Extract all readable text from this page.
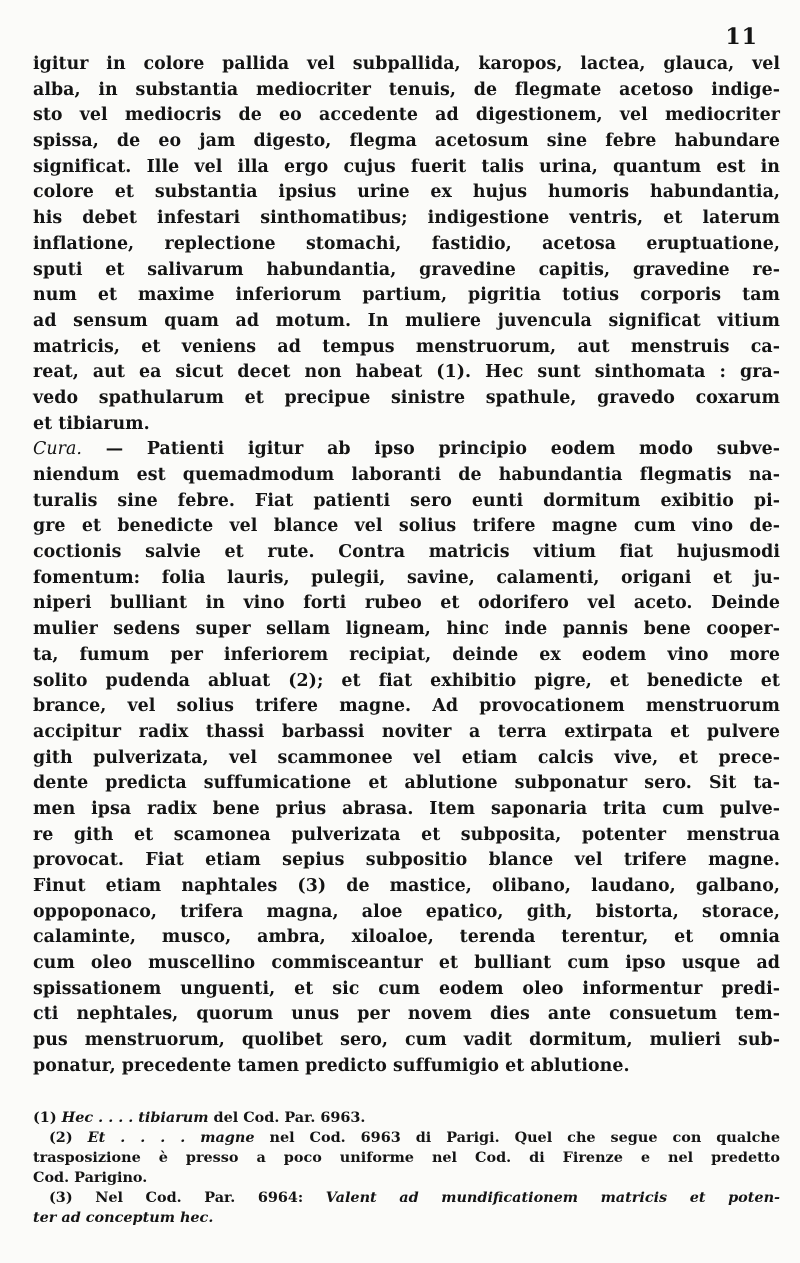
11
igitur in colore pallida vel subpallida, karopos, lactea, glauca, vel
alba, in substantia mediocriter tenuis, de flegmate acetoso indige-
sto vel mediocris de eo accedente ad digestionem, vel mediocriter
spissa, de eo jam digesto, flegma acetosum sine febre habundare
significat. Ille vel illa ergo cujus fuerit talis urina, quantum est in
colore et substantia ipsius urine ex hujus humoris habundantia,
his debet infestari sinthomatibus; indigestione ventris, et laterum
inflatione, replectione stomachi, fastidio, acetosa eruptuatione,
sputi et salivarum habundantia, gravedine capitis, gravedine re-
num et maxime inferiorum partium, pigritia totius corporis tam
ad sensum quam ad motum. In muliere juvencula significat vitium
matricis, et veniens ad tempus menstruorum, aut menstruis ca-
reat, aut ea sicut decet non habeat (1). Hec sunt sinthomata : gra-
vedo spathularum et precipue sinistre spathule, gravedo coxarum
et tibiarum.
Cura. — Patienti igitur ab ipso principio eodem modo subve-
niendum est quemadmodum laboranti de habundantia flegmatis na-
turalis sine febre. Fiat patienti sero eunti dormitum exibitio pi-
gre et benedicte vel blance vel solius trifere magne cum vino de-
coctionis salvie et rute. Contra matricis vitium fiat hujusmodi
fomentum: folia lauris, pulegii, savine, calamenti, origani et ju-
niperi bulliant in vino forti rubeo et odorifero vel aceto. Deinde
mulier sedens super sellam ligneam, hinc inde pannis bene cooper-
ta, fumum per inferiorem recipiat, deinde ex eodem vino more
solito pudenda abluat (2); et fiat exhibitio pigre, et benedicte et
brance, vel solius trifere magne. Ad provocationem menstruorum
accipitur radix thassi barbassi noviter a terra extirpata et pulvere
gith pulverizata, vel scammonee vel etiam calcis vive, et prece-
dente predicta suffumicatione et ablutione subponatur sero. Sit ta-
men ipsa radix bene prius abrasa. Item saponaria trita cum pulve-
re gith et scamonea pulverizata et subposita, potenter menstrua
provocat. Fiat etiam sepius subpositio blance vel trifere magne.
Finut etiam naphtales (3) de mastice, olibano, laudano, galbano,
oppoponaco, trifera magna, aloe epatico, gith, bistorta, storace,
calaminte, musco, ambra, xiloaloe, terenda terentur, et omnia
cum oleo muscellino commisceantur et bulliant cum ipso usque ad
spissationem unguenti, et sic cum eodem oleo informentur predi-
cti nephtales, quorum unus per novem dies ante consuetum tem-
pus menstruorum, quolibet sero, cum vadit dormitum, mulieri sub-
ponatur, precedente tamen predicto suffumigio et ablutione.
(1) Hec . . . . tibiarum del Cod. Par. 6963.
(2) Et . . . . magne nel Cod. 6963 di Parigi. Quel che segue con qualche
trasposizione è presso a poco uniforme nel Cod. di Firenze e nel predetto
Cod. Parigino.
(3) Nel Cod. Par. 6964: Valent ad mundificationem matricis et poten-
ter ad conceptum hec.
